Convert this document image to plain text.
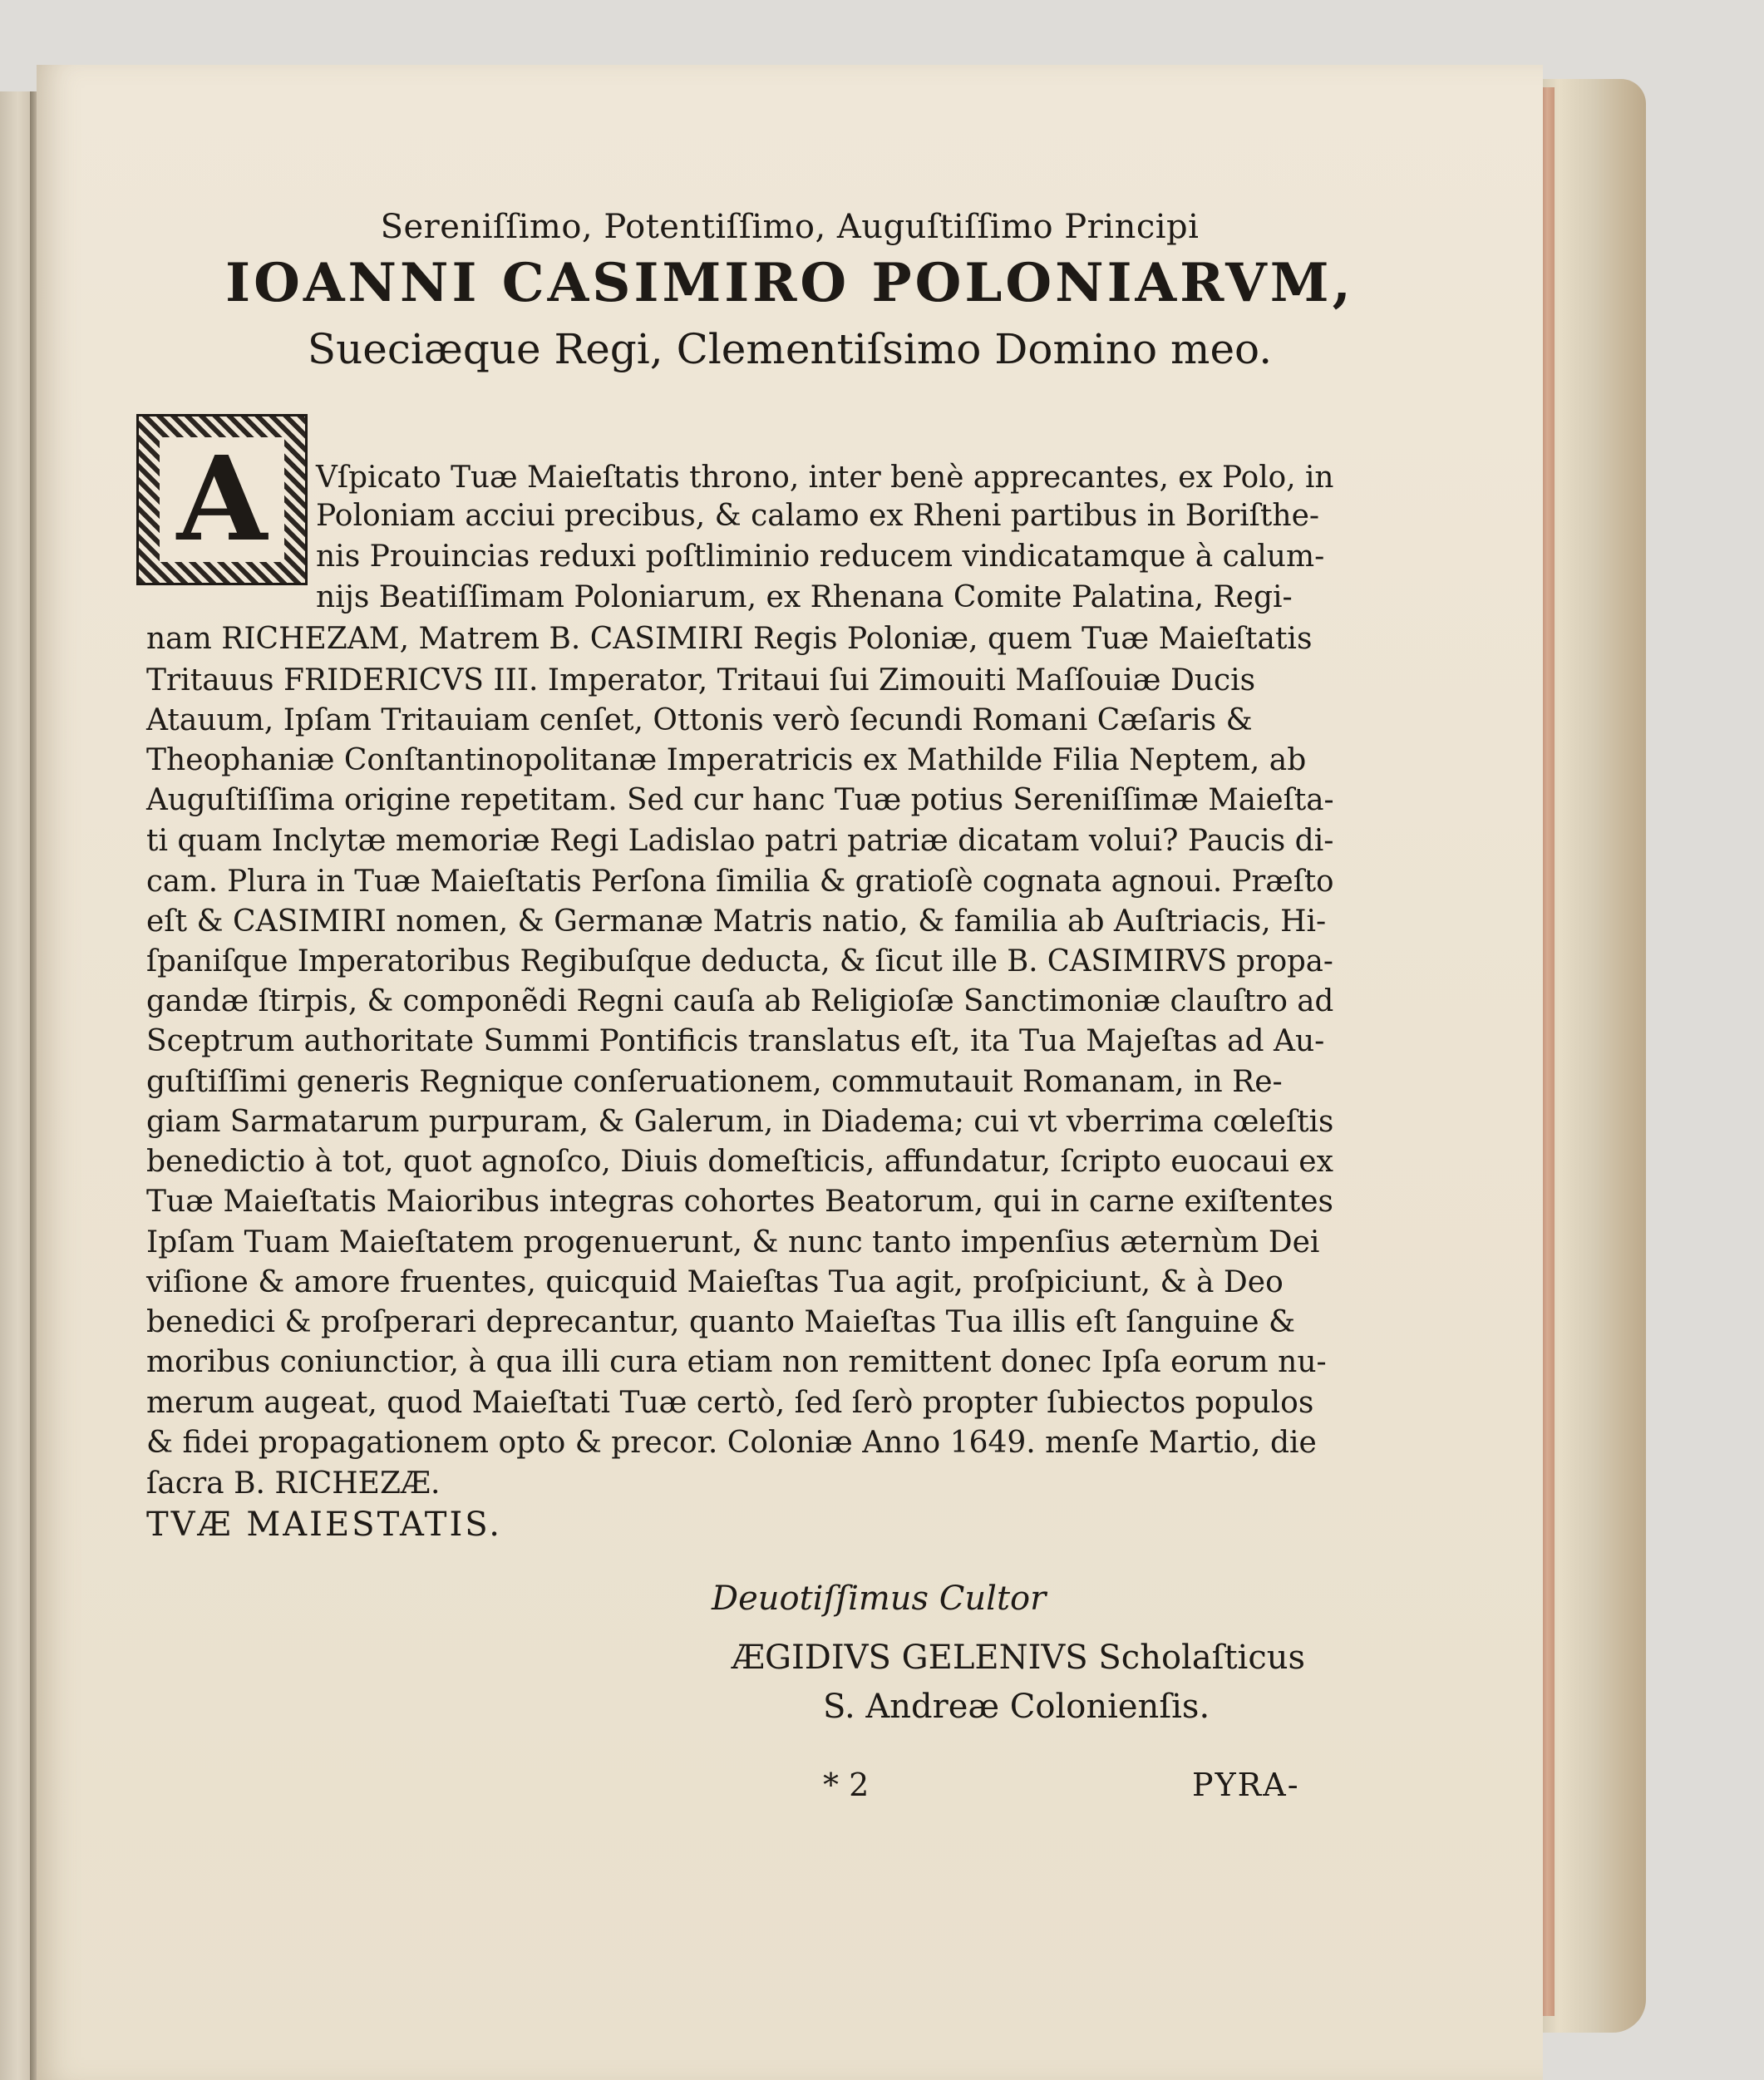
Sereniſſimo, Potentiſſimo, Auguſtiſſimo Principi
IOANNI CASIMIRO POLONIARVM,
Sueciæque Regi, Clementiſsimo Domino meo.
A	Vſpicato Tuæ Maieſtatis throno, inter benè apprecantes, ex Polo, in
Poloniam acciui precibus, & calamo ex Rheni partibus in Boriſthe-
nis Prouincias reduxi poſtliminio reducem vindicatamque à calum-
nijs Beatiſſimam Poloniarum, ex Rhenana Comite Palatina, Regi-
nam RICHEZAM, Matrem B. CASIMIRI Regis Poloniæ, quem Tuæ Maieſtatis
Tritauus FRIDERICVS III. Imperator, Tritaui ſui Zimouiti Maſſouiæ Ducis
Atauum, Ipſam Tritauiam cenſet, Ottonis verò ſecundi Romani Cæſaris &
Theophaniæ Conſtantinopolitanæ Imperatricis ex Mathilde Filia Neptem, ab
Auguſtiſſima origine repetitam. Sed cur hanc Tuæ potius Sereniſſimæ Maieſta-
ti quam Inclytæ memoriæ Regi Ladislao patri patriæ dicatam volui? Paucis di-
cam. Plura in Tuæ Maieſtatis Perſona ſimilia & gratioſè cognata agnoui. Præſto
eſt & CASIMIRI nomen, & Germanæ Matris natio, & familia ab Auſtriacis, Hi-
ſpaniſque Imperatoribus Regibuſque deducta, & ſicut ille B. CASIMIRVS propa-
gandæ ſtirpis, & componẽdi Regni cauſa ab Religioſæ Sanctimoniæ clauſtro ad
Sceptrum authoritate Summi Pontificis translatus eſt, ita Tua Majeſtas ad Au-
guſtiſſimi generis Regnique conſeruationem, commutauit Romanam, in Re-
giam Sarmatarum purpuram, & Galerum, in Diadema; cui vt vberrima cœleſtis
benedictio à tot, quot agnoſco, Diuis domeſticis, affundatur, ſcripto euocaui ex
Tuæ Maieſtatis Maioribus integras cohortes Beatorum, qui in carne exiſtentes
Ipſam Tuam Maieſtatem progenuerunt, & nunc tanto impenſius æternùm Dei
viſione & amore fruentes, quicquid Maieſtas Tua agit, proſpiciunt, & à Deo
benedici & proſperari deprecantur, quanto Maieſtas Tua illis eſt ſanguine &
moribus coniunctior, à qua illi cura etiam non remittent donec Ipſa eorum nu-
merum augeat, quod Maieſtati Tuæ certò, ſed ſerò propter ſubiectos populos
& fidei propagationem opto & precor. Coloniæ Anno 1649. menſe Martio, die
ſacra B. RICHEZÆ.
TVÆ MAIESTATIS.
Deuotiſſimus Cultor
ÆGIDIVS GELENIVS Scholaſticus
S. Andreæ Colonienſis.
* 2	PYRA-
